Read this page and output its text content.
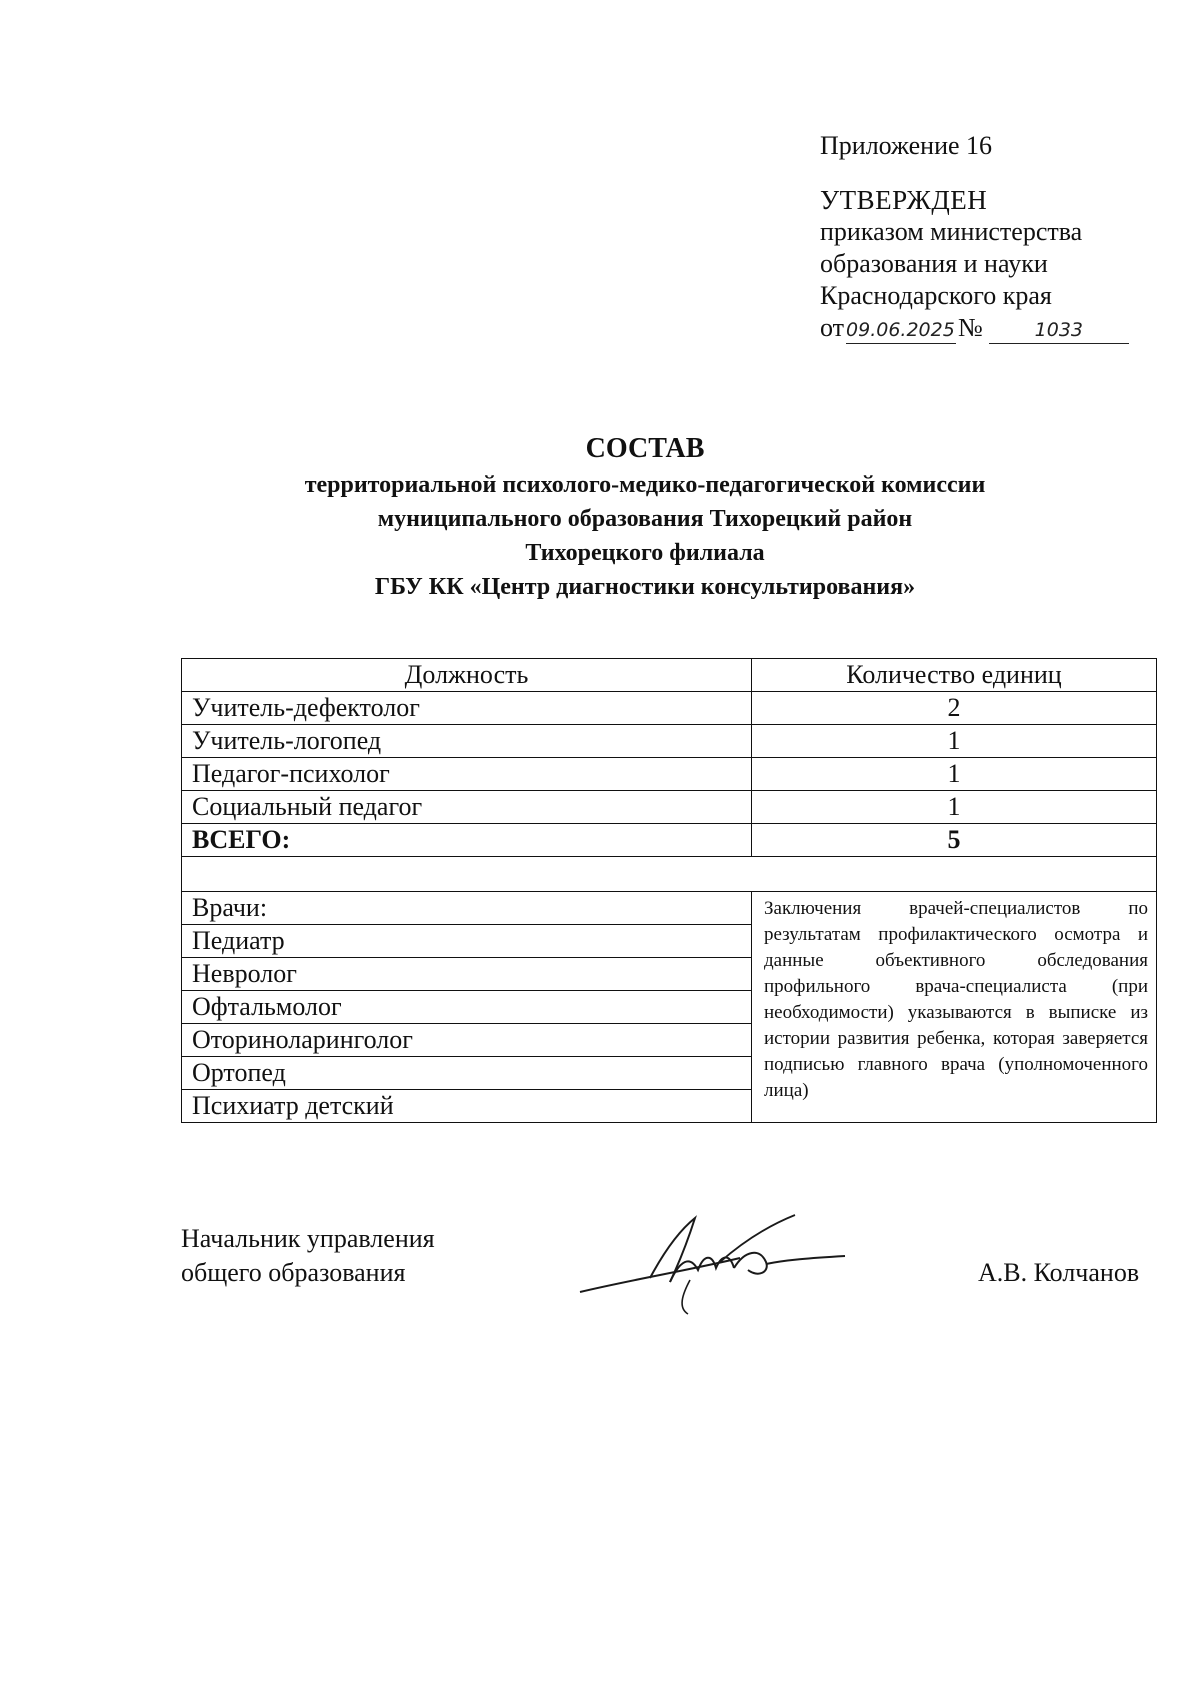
Приложение 16
УТВЕРЖДЕН
приказом министерства
образования и науки
Краснодарского края
от 09.06.2025 №	1033
СОСТАВ
территориальной психолого-медико-педагогической комиссии
муниципального образования Тихорецкий район
Тихорецкого филиала
ГБУ КК «Центр диагностики консультирования»
Должность	Количество единиц
Учитель-дефектолог	2
Учитель-логопед	1
Педагог-психолог	1
Социальный педагог	1
ВСЕГО:	5

Врачи:	Заключения врачей-специалистов по результатам профилактического осмотра и данные объективного обследования профильного врача-специалиста (при необходимости) указываются в выписке из истории развития ребенка, которая заверяется подписью главного врача (уполномоченного лица)
Педиатр	
Невролог	
Офтальмолог	
Оториноларинголог	
Ортопед	
Психиатр детский	
Начальник управления
общего образования	А.В. Колчанов
